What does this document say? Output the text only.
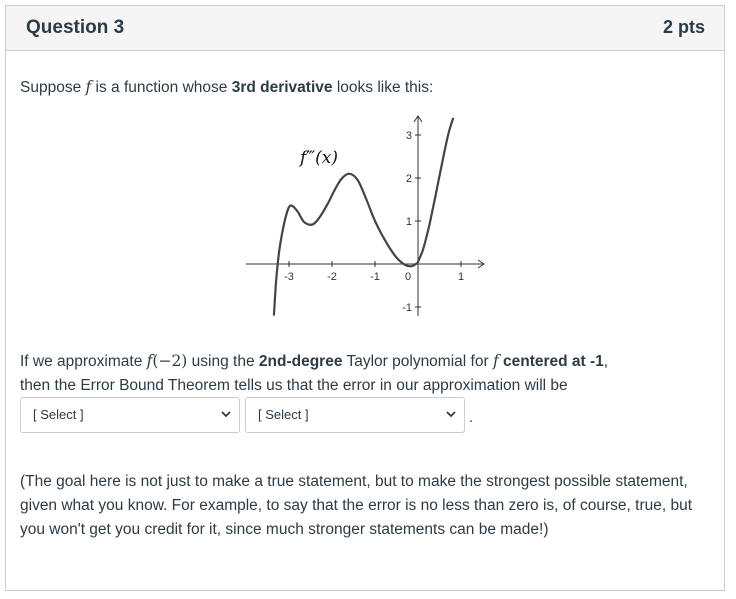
Question 3	2 pts
Suppose f is a function whose 3rd derivative looks like this:
-3	-2	-1 0	1
3
2
1
-1
f‴(x)
If we approximate f(−2) using the 2nd-degree Taylor polynomial for f centered at -1,
then the Error Bound Theorem tells us that the error in our approximation will be
[ Select ]	[ Select ]	.
(The goal here is not just to make a true statement, but to make the strongest possible statement, given what you know. For example, to say that the error is no less than zero is, of course, true, but you won't get you credit for it, since much stronger statements can be made!)
